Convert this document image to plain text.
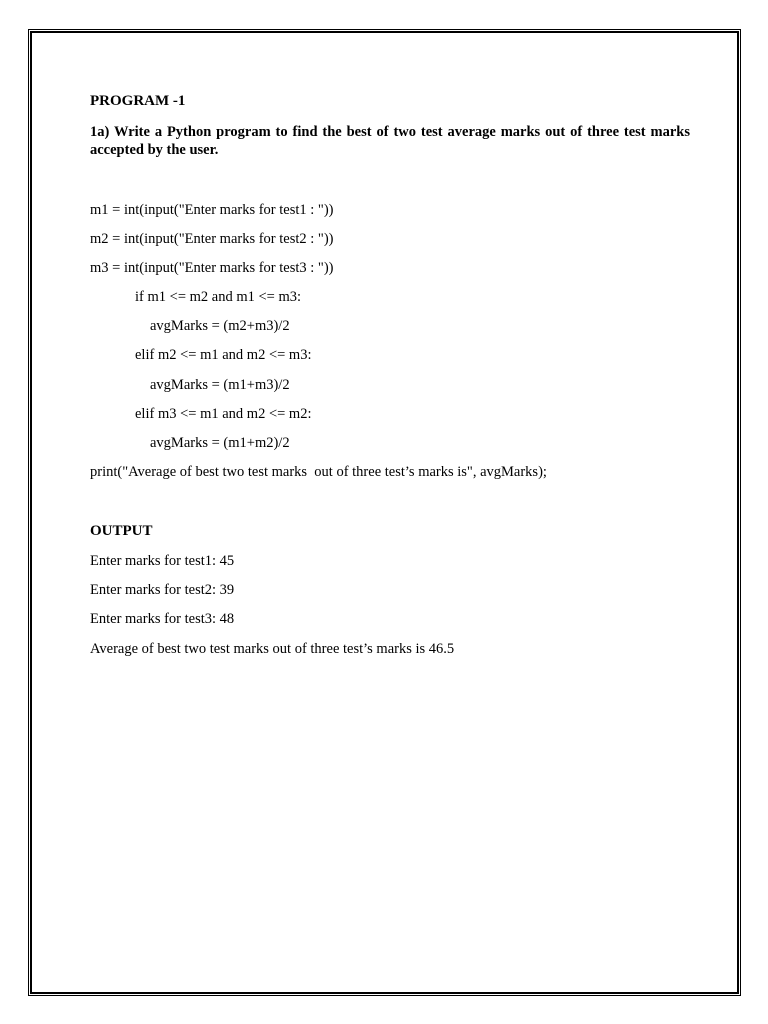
PROGRAM -1
1a) Write a Python program to find the best of two test average marks out of three test marks accepted by the user.
m1 = int(input("Enter marks for test1 : "))
m2 = int(input("Enter marks for test2 : "))
m3 = int(input("Enter marks for test3 : "))
if m1 <= m2 and m1 <= m3:
avgMarks = (m2+m3)/2
elif m2 <= m1 and m2 <= m3:
avgMarks = (m1+m3)/2
elif m3 <= m1 and m2 <= m2:
avgMarks = (m1+m2)/2
print("Average of best two test marks  out of three test’s marks is", avgMarks);
OUTPUT
Enter marks for test1: 45
Enter marks for test2: 39
Enter marks for test3: 48
Average of best two test marks out of three test’s marks is 46.5
